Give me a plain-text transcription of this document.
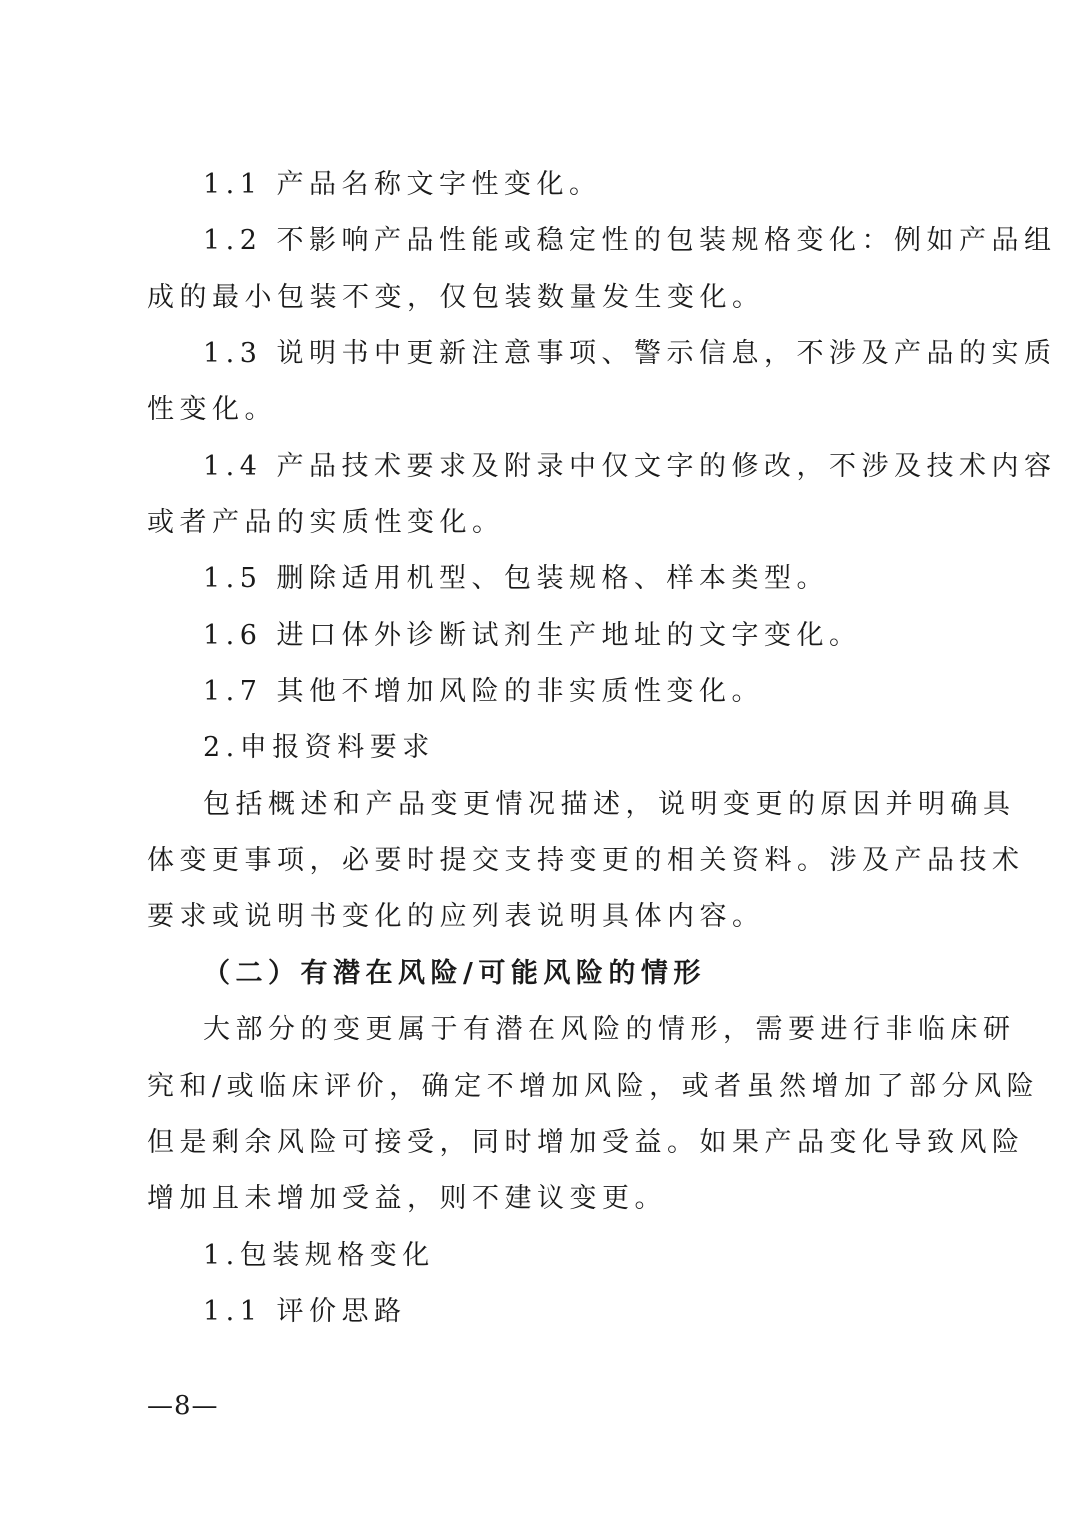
1.1 产品名称文字性变化。
1.2 不影响产品性能或稳定性的包装规格变化：例如产品组
成的最小包装不变，仅包装数量发生变化。
1.3 说明书中更新注意事项、警示信息，不涉及产品的实质
性变化。
1.4 产品技术要求及附录中仅文字的修改，不涉及技术内容
或者产品的实质性变化。
1.5 删除适用机型、包装规格、样本类型。
1.6 进口体外诊断试剂生产地址的文字变化。
1.7 其他不增加风险的非实质性变化。
2.申报资料要求
包括概述和产品变更情况描述，说明变更的原因并明确具
体变更事项，必要时提交支持变更的相关资料。涉及产品技术
要求或说明书变化的应列表说明具体内容。
（二）有潜在风险/可能风险的情形
大部分的变更属于有潜在风险的情形，需要进行非临床研
究和/或临床评价，确定不增加风险，或者虽然增加了部分风险
但是剩余风险可接受，同时增加受益。如果产品变化导致风险
增加且未增加受益，则不建议变更。
1.包装规格变化
1.1 评价思路
—8—
